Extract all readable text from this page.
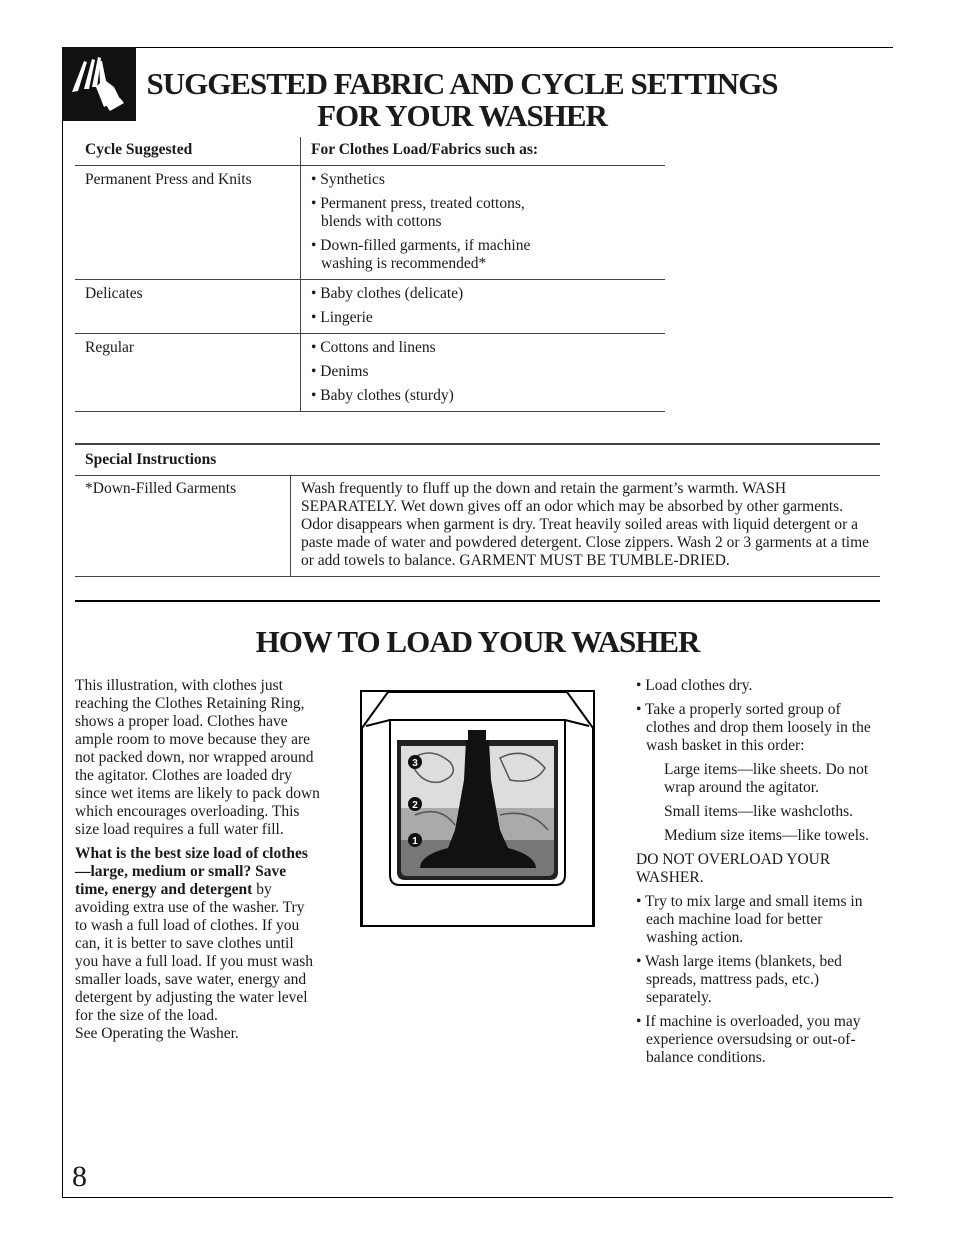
SUGGESTED FABRIC AND CYCLE SETTINGS
FOR YOUR WASHER
Cycle Suggested	For Clothes Load/Fabrics such as:
Permanent Press and Knits	• Synthetics
• Permanent press, treated cottons,
blends with cottons
• Down-filled garments, if machine
washing is recommended*

Delicates	• Baby clothes (delicate)
• Lingerie

Regular	• Cottons and linens
• Denims
• Baby clothes (sturdy)
Special Instructions
*Down-Filled Garments	Wash frequently to fluff up the down and retain the garment’s warmth. WASH SEPARATELY. Wet down gives off an odor which may be absorbed by other garments. Odor disappears when garment is dry. Treat heavily soiled areas with liquid detergent or a paste made of water and powdered detergent. Close zippers. Wash 2 or 3 garments at a time or add towels to balance. GARMENT MUST BE TUMBLE-DRIED.
HOW TO LOAD YOUR WASHER

This illustration, with clothes just reaching the Clothes Retaining Ring, shows a proper load. Clothes have ample room to move because they are not packed down, nor wrapped around the agitator. Clothes are loaded dry since wet items are likely to pack down which encourages overloading. This size load requires a full water fill.

What is the best size load of clothes—large, medium or small? Save time, energy and detergent by avoiding extra use of the washer. Try to wash a full load of clothes. If you can, it is better to save clothes until you have a full load. If you must wash smaller loads, save water, energy and detergent by adjusting the water level for the size of the load.

See Operating the Washer.

3
2
1

• Load clothes dry.

• Take a properly sorted group of clothes and drop them loosely in the wash basket in this order:

Large items—like sheets. Do not wrap around the agitator.

Small items—like washcloths.

Medium size items—like towels.

DO NOT OVERLOAD YOUR WASHER.

• Try to mix large and small items in each machine load for better washing action.

• Wash large items (blankets, bed spreads, mattress pads, etc.) separately.

• If machine is overloaded, you may experience oversudsing or out-of-balance conditions.

8
